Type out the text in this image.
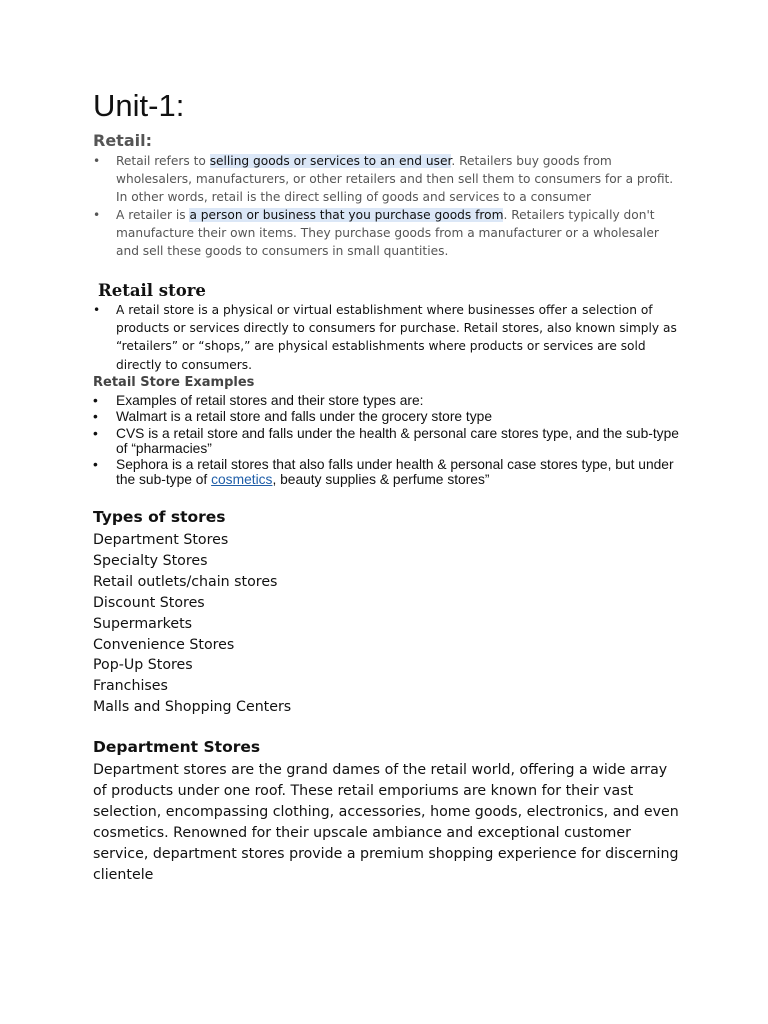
Unit-1:
Retail:
• Retail refers to selling goods or services to an end user. Retailers buy goods from wholesalers, manufacturers, or other retailers and then sell them to consumers for a profit. In other words, retail is the direct selling of goods and services to a consumer
• A retailer is a person or business that you purchase goods from. Retailers typically don't manufacture their own items. They purchase goods from a manufacturer or a wholesaler and sell these goods to consumers in small quantities.
Retail store
• A retail store is a physical or virtual establishment where businesses offer a selection of products or services directly to consumers for purchase. Retail stores, also known simply as “retailers” or “shops,” are physical establishments where products or services are sold directly to consumers.
Retail Store Examples
• Examples of retail stores and their store types are:
• Walmart is a retail store and falls under the grocery store type
• CVS is a retail store and falls under the health & personal care stores type, and the sub-type of “pharmacies”
• Sephora is a retail stores that also falls under health & personal case stores type, but under the sub-type of cosmetics, beauty supplies & perfume stores”
Types of stores
Department Stores
Specialty Stores
Retail outlets/chain stores
Discount Stores
Supermarkets
Convenience Stores
Pop-Up Stores
Franchises
Malls and Shopping Centers
Department Stores

Department stores are the grand dames of the retail world, offering a wide array of products under one roof. These retail emporiums are known for their vast selection, encompassing clothing, accessories, home goods, electronics, and even cosmetics. Renowned for their upscale ambiance and exceptional customer service, department stores provide a premium shopping experience for discerning clientele
